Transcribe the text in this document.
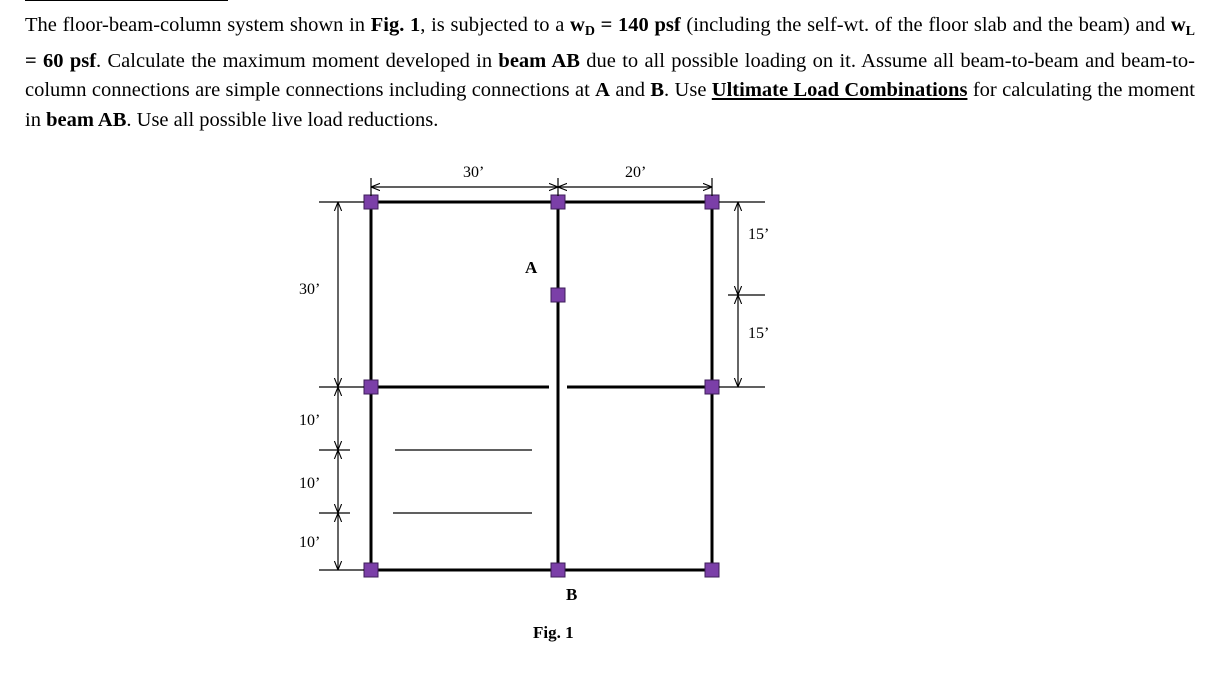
The floor-beam-column system shown in Fig. 1, is subjected to a $w_D = 140$ psf (including the self-wt. of the floor slab and the beam) and $w_L = 60$ psf. Calculate the maximum moment developed in beam AB due to all possible loading on it. Assume all beam-to-beam and beam-to-column connections are simple connections including connections at A and B. Use Ultimate Load Combinations for calculating the moment in beam AB. Use all possible live load reductions.
30’	20’
30’
10’
10’
10’
15’
15’
A
B
Fig. 1
